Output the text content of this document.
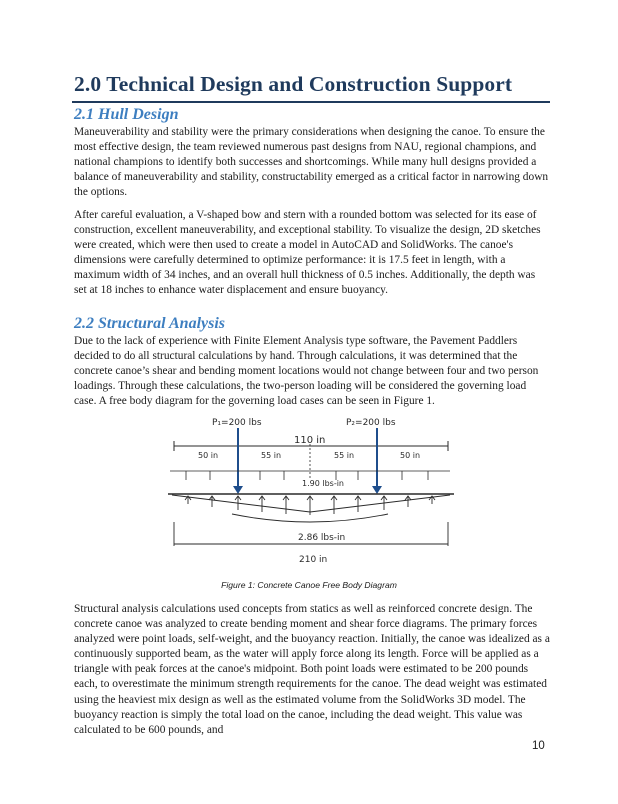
2.0 Technical Design and Construction Support
2.1 Hull Design

Maneuverability and stability were the primary considerations when designing the canoe. To ensure the most effective design, the team reviewed numerous past designs from NAU, regional champions, and national champions to identify both successes and shortcomings. While many hull designs provided a balance of maneuverability and stability, constructability emerged as a critical factor in narrowing down the options.

After careful evaluation, a V-shaped bow and stern with a rounded bottom was selected for its ease of construction, excellent maneuverability, and exceptional stability. To visualize the design, 2D sketches were created, which were then used to create a model in AutoCAD and SolidWorks. The canoe's dimensions were carefully determined to optimize performance: it is 17.5 feet in length, with a maximum width of 34 inches, and an overall hull thickness of 0.5 inches. Additionally, the depth was set at 18 inches to enhance water displacement and ensure buoyancy.

2.2 Structural Analysis

Due to the lack of experience with Finite Element Analysis type software, the Pavement Paddlers decided to do all structural calculations by hand. Through calculations, it was determined that the concrete canoe’s shear and bending moment locations would not change between four and two person loadings. Through these calculations, the two-person loading will be considered the governing load case. A free body diagram for the governing load cases can be seen in Figure 1.

P₁=200 lbs	P₂=200 lbs
110 in
50 in	55 in	55 in	50 in
1.90 lbs-in
2.86 lbs-in
210 in
Figure 1: Concrete Canoe Free Body Diagram

Structural analysis calculations used concepts from statics as well as reinforced concrete design. The concrete canoe was analyzed to create bending moment and shear force diagrams. The primary forces analyzed were point loads, self-weight, and the buoyancy reaction. Initially, the canoe was idealized as a continuously supported beam, as the water will apply force along its length. Force will be applied as a triangle with peak forces at the canoe's midpoint. Both point loads were estimated to be 200 pounds each, to overestimate the minimum strength requirements for the canoe. The dead weight was estimated using the heaviest mix design as well as the estimated volume from the SolidWorks 3D model. The buoyancy reaction is simply the total load on the canoe, including the dead weight. This value was calculated to be 600 pounds, and

10
